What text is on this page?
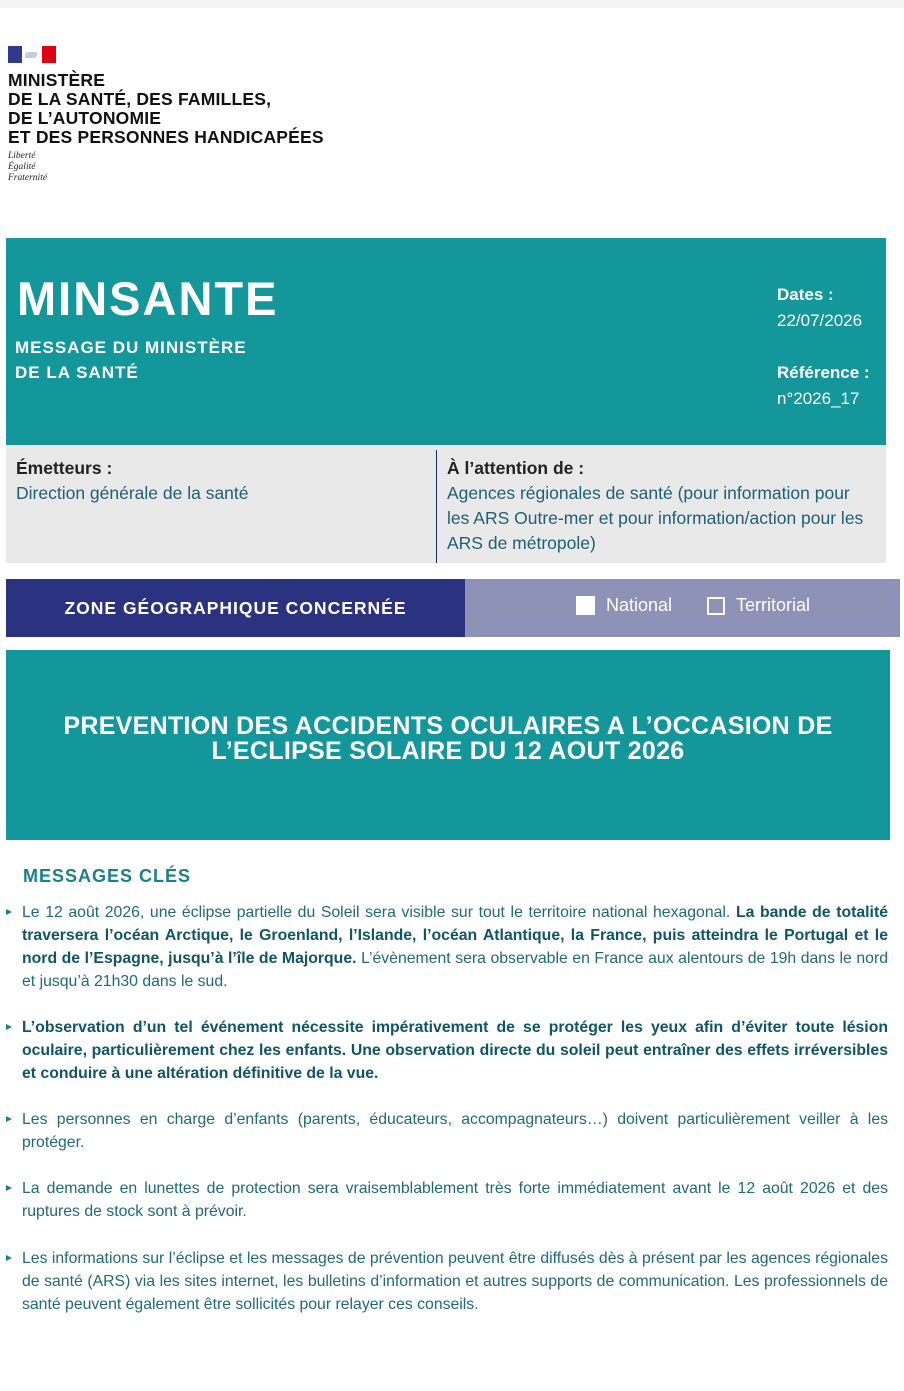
MINISTÈRE
DE LA SANTÉ, DES FAMILLES,
DE L’AUTONOMIE
ET DES PERSONNES HANDICAPÉES
Liberté
Égalité
Fraternité
MINSANTE
MESSAGE DU MINISTÈRE
DE LA SANTÉ
Dates :
22/07/2026
Référence :
n°2026_17
Émetteurs :
Direction générale de la santé
À l’attention de :
Agences régionales de santé (pour information pour les ARS Outre-mer et pour information/action pour les ARS de métropole)
ZONE GÉOGRAPHIQUE CONCERNÉE	National	Territorial
PREVENTION DES ACCIDENTS OCULAIRES A L’OCCASION DE
L’ECLIPSE SOLAIRE DU 12 AOUT 2026
MESSAGES CLÉS
Le 12 août 2026, une éclipse partielle du Soleil sera visible sur tout le territoire national hexagonal. La bande de totalité traversera l’océan Arctique, le Groenland, l’Islande, l’océan Atlantique, la France, puis atteindra le Portugal et le nord de l’Espagne, jusqu’à l’île de Majorque. L’évènement sera observable en France aux alentours de 19h dans le nord et jusqu’à 21h30 dans le sud.
L’observation d’un tel événement nécessite impérativement de se protéger les yeux afin d’éviter toute lésion oculaire, particulièrement chez les enfants. Une observation directe du soleil peut entraîner des effets irréversibles et conduire à une altération définitive de la vue.
Les personnes en charge d’enfants (parents, éducateurs, accompagnateurs…) doivent particulièrement veiller à les protéger.
La demande en lunettes de protection sera vraisemblablement très forte immédiatement avant le 12 août 2026 et des ruptures de stock sont à prévoir.
Les informations sur l’éclipse et les messages de prévention peuvent être diffusés dès à présent par les agences régionales de santé (ARS) via les sites internet, les bulletins d’information et autres supports de communication. Les professionnels de santé peuvent également être sollicités pour relayer ces conseils.
